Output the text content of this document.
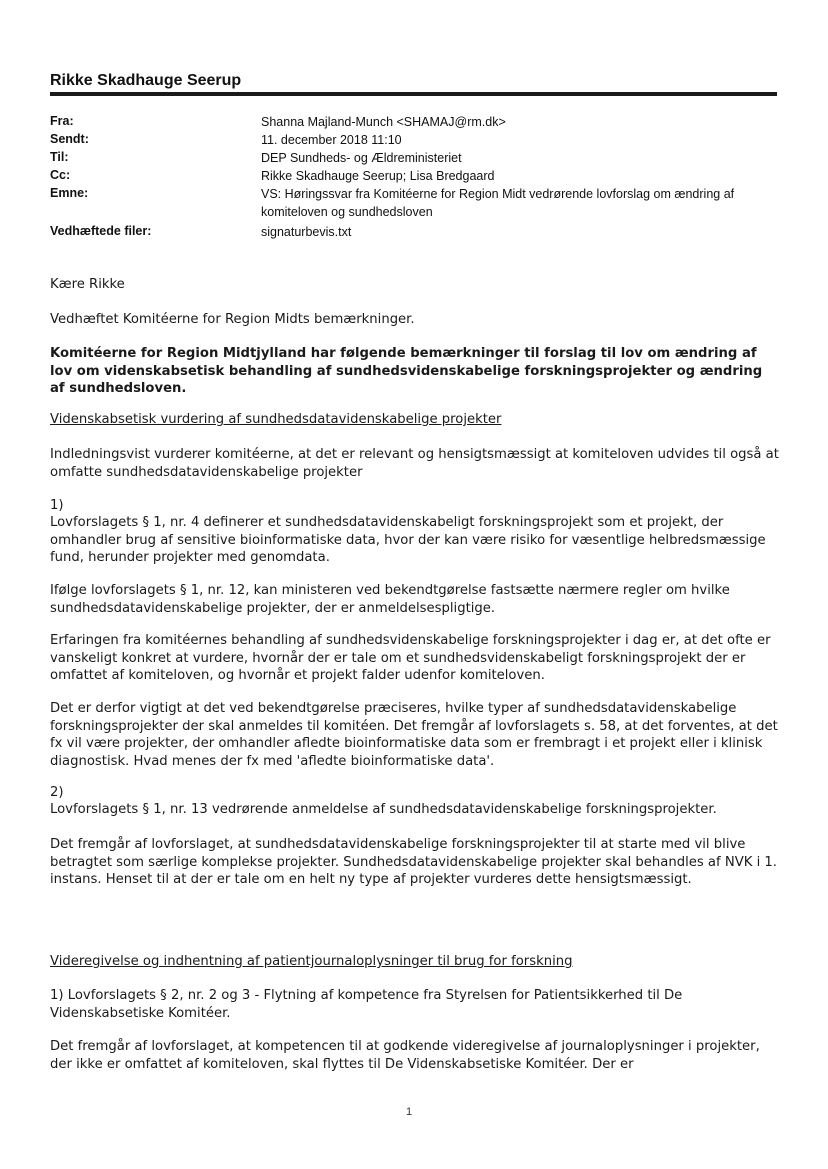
Rikke Skadhauge Seerup
Fra:	Shanna Majland-Munch <SHAMAJ@rm.dk>
Sendt:	11. december 2018 11:10
Til:	DEP Sundheds- og Ældreministeriet
Cc:	Rikke Skadhauge Seerup; Lisa Bredgaard
Emne:	VS: Høringssvar fra Komitéerne for Region Midt vedrørende lovforslag om ændring af komiteloven og sundhedsloven
Vedhæftede filer:	signaturbevis.txt
Kære Rikke
Vedhæftet Komitéerne for Region Midts bemærkninger.
Komitéerne for Region Midtjylland har følgende bemærkninger til forslag til lov om ændring af lov om videnskabsetisk behandling af sundhedsvidenskabelige forskningsprojekter og ændring af sundhedsloven.
Videnskabsetisk vurdering af sundhedsdatavidenskabelige projekter
Indledningsvist vurderer komitéerne, at det er relevant og hensigtsmæssigt at komiteloven udvides til også at omfatte sundhedsdatavidenskabelige projekter
1)
Lovforslagets § 1, nr. 4 definerer et sundhedsdatavidenskabeligt forskningsprojekt som et projekt, der omhandler brug af sensitive bioinformatiske data, hvor der kan være risiko for væsentlige helbredsmæssige fund, herunder projekter med genomdata.
Ifølge lovforslagets § 1, nr. 12, kan ministeren ved bekendtgørelse fastsætte nærmere regler om hvilke sundhedsdatavidenskabelige projekter, der er anmeldelsespligtige.
Erfaringen fra komitéernes behandling af sundhedsvidenskabelige forskningsprojekter i dag er, at det ofte er vanskeligt konkret at vurdere, hvornår der er tale om et sundhedsvidenskabeligt forskningsprojekt der er omfattet af komiteloven, og hvornår et projekt falder udenfor komiteloven.
Det er derfor vigtigt at det ved bekendtgørelse præciseres, hvilke typer af sundhedsdatavidenskabelige forskningsprojekter der skal anmeldes til komitéen. Det fremgår af lovforslagets s. 58, at det forventes, at det fx vil være projekter, der omhandler afledte bioinformatiske data som er frembragt i et projekt eller i klinisk diagnostisk. Hvad menes der fx med 'afledte bioinformatiske data'.
2)
Lovforslagets § 1, nr. 13 vedrørende anmeldelse af sundhedsdatavidenskabelige forskningsprojekter.
Det fremgår af lovforslaget, at sundhedsdatavidenskabelige forskningsprojekter til at starte med vil blive betragtet som særlige komplekse projekter. Sundhedsdatavidenskabelige projekter skal behandles af NVK i 1. instans. Henset til at der er tale om en helt ny type af projekter vurderes dette hensigtsmæssigt.
Videregivelse og indhentning af patientjournaloplysninger til brug for forskning
1) Lovforslagets § 2, nr. 2 og 3 - Flytning af kompetence fra Styrelsen for Patientsikkerhed til De Videnskabsetiske Komitéer.
Det fremgår af lovforslaget, at kompetencen til at godkende videregivelse af journaloplysninger i projekter, der ikke er omfattet af komiteloven, skal flyttes til De Videnskabsetiske Komitéer. Der er
1
